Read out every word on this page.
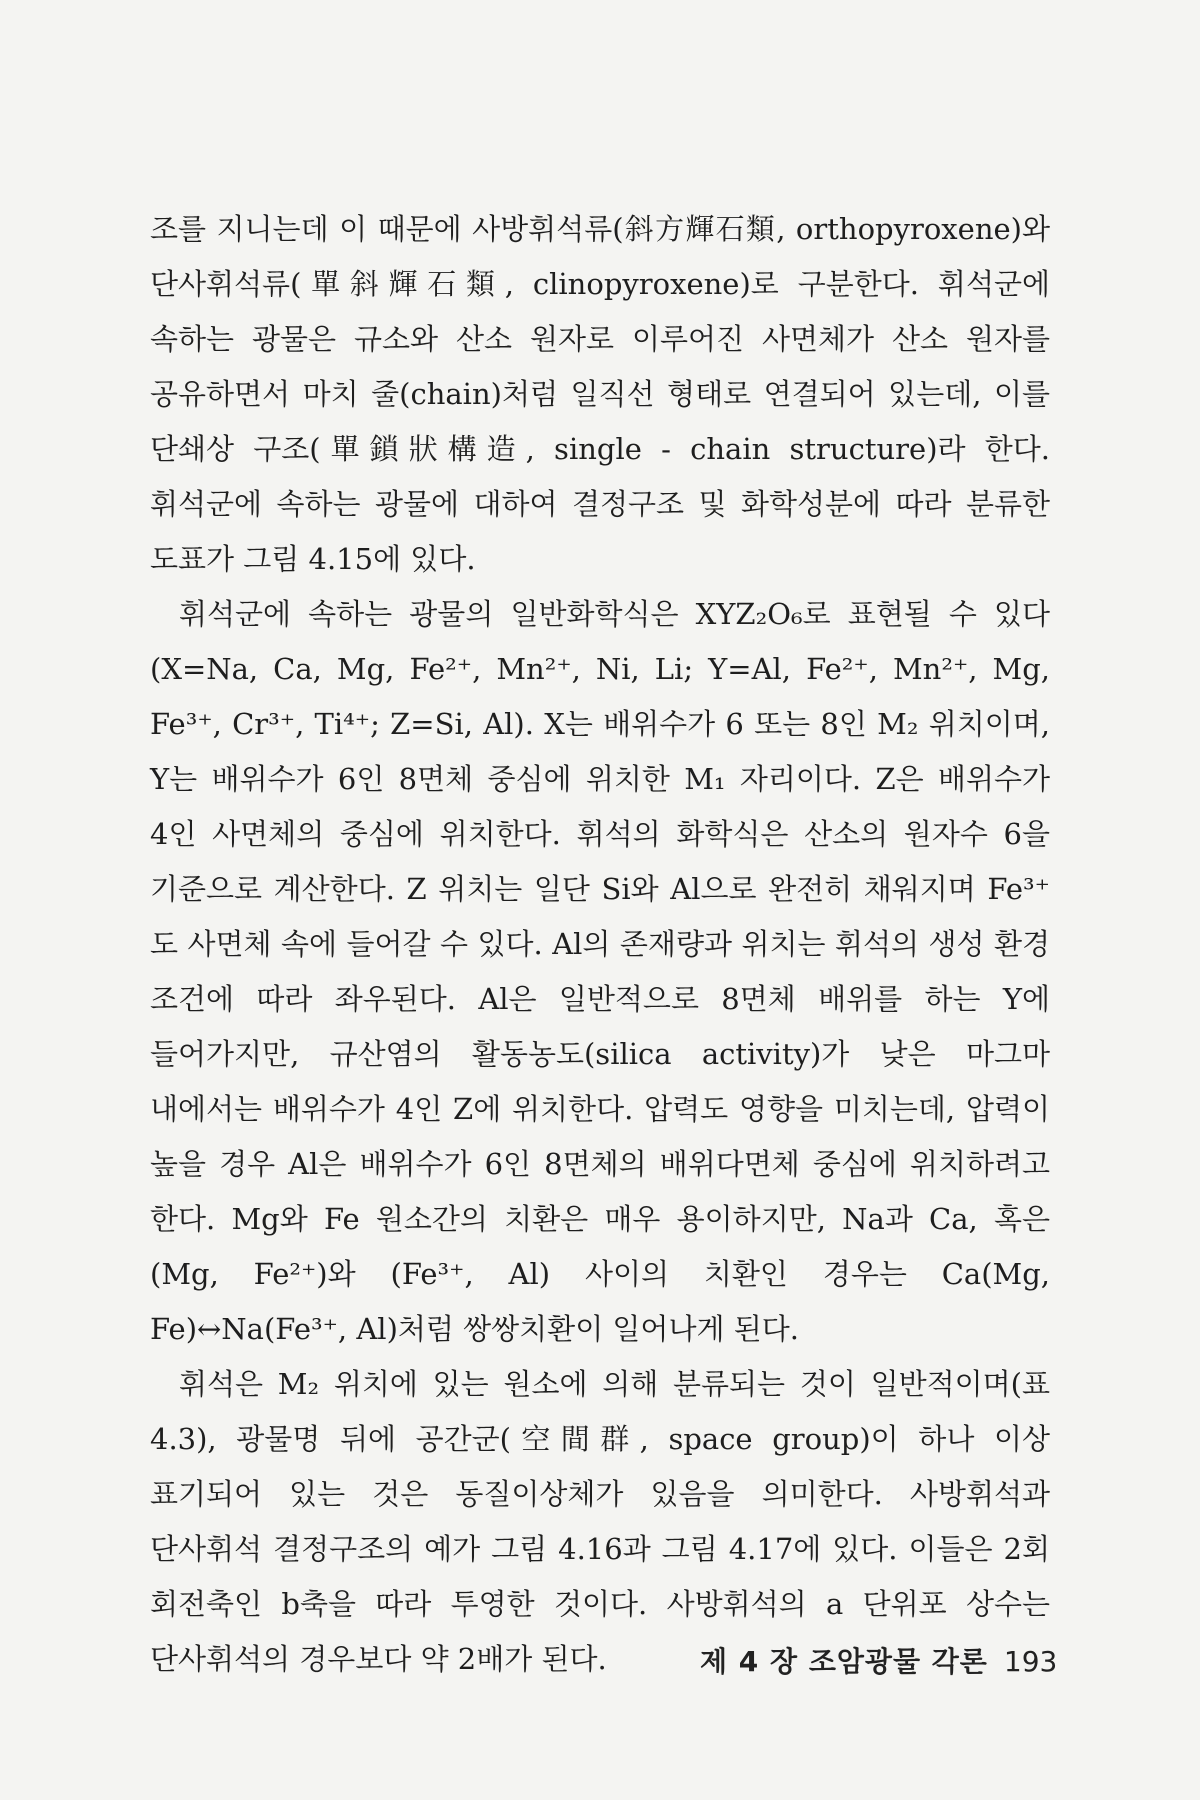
조를 지니는데 이 때문에 사방휘석류(斜方輝石類, orthopyroxene)와 단사휘석류(單斜輝石類, clinopyroxene)로 구분한다. 휘석군에 속하는 광물은 규소와 산소 원자로 이루어진 사면체가 산소 원자를 공유하면서 마치 줄(chain)처럼 일직선 형태로 연결되어 있는데, 이를 단쇄상 구조(單鎖狀構造, single - chain structure)라 한다. 휘석군에 속하는 광물에 대하여 결정구조 및 화학성분에 따라 분류한 도표가 그림 4.15에 있다.

휘석군에 속하는 광물의 일반화학식은 XYZ₂O₆로 표현될 수 있다(X=Na, Ca, Mg, Fe²⁺, Mn²⁺, Ni, Li; Y=Al, Fe²⁺, Mn²⁺, Mg, Fe³⁺, Cr³⁺, Ti⁴⁺; Z=Si, Al). X는 배위수가 6 또는 8인 M₂ 위치이며, Y는 배위수가 6인 8면체 중심에 위치한 M₁ 자리이다. Z은 배위수가 4인 사면체의 중심에 위치한다. 휘석의 화학식은 산소의 원자수 6을 기준으로 계산한다. Z 위치는 일단 Si와 Al으로 완전히 채워지며 Fe³⁺도 사면체 속에 들어갈 수 있다. Al의 존재량과 위치는 휘석의 생성 환경 조건에 따라 좌우된다. Al은 일반적으로 8면체 배위를 하는 Y에 들어가지만, 규산염의 활동농도(silica activity)가 낮은 마그마 내에서는 배위수가 4인 Z에 위치한다. 압력도 영향을 미치는데, 압력이 높을 경우 Al은 배위수가 6인 8면체의 배위다면체 중심에 위치하려고 한다. Mg와 Fe 원소간의 치환은 매우 용이하지만, Na과 Ca, 혹은 (Mg, Fe²⁺)와 (Fe³⁺, Al) 사이의 치환인 경우는 Ca(Mg, Fe)↔Na(Fe³⁺, Al)처럼 쌍쌍치환이 일어나게 된다.

휘석은 M₂ 위치에 있는 원소에 의해 분류되는 것이 일반적이며(표 4.3), 광물명 뒤에 공간군(空間群, space group)이 하나 이상 표기되어 있는 것은 동질이상체가 있음을 의미한다. 사방휘석과 단사휘석 결정구조의 예가 그림 4.16과 그림 4.17에 있다. 이들은 2회 회전축인 b축을 따라 투영한 것이다. 사방휘석의 a 단위포 상수는 단사휘석의 경우보다 약 2배가 된다.	제 4 장 조암광물 각론 193
